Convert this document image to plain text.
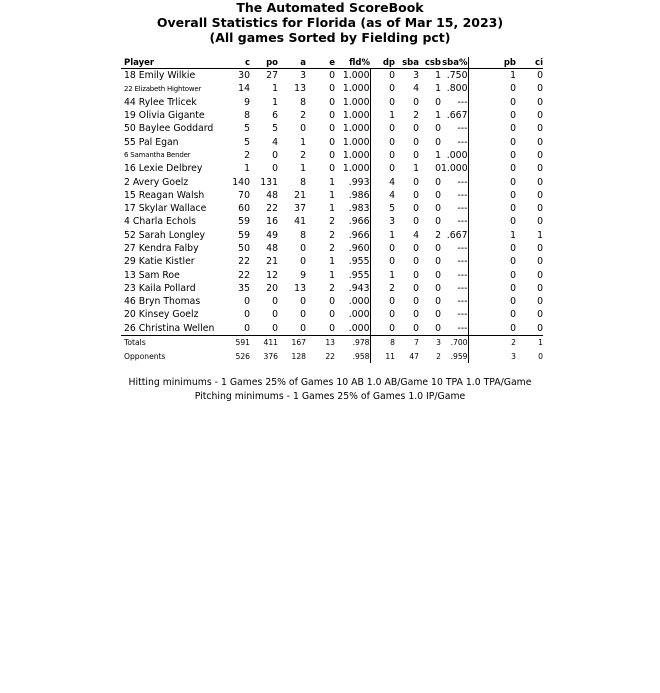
The Automated ScoreBook
Overall Statistics for Florida (as of Mar 15, 2023)
(All games Sorted by Fielding pct)
Player	c	po	a	e	fld%	dp	sba	csb	sba%		pb	ci
18 Emily Wilkie	30	27	3	0	1.000	0	3	1	.750		1	0
22 Elizabeth Hightower	14	1	13	0	1.000	0	4	1	.800		0	0
44 Rylee Trlicek	9	1	8	0	1.000	0	0	0	---		0	0
19 Olivia Gigante	8	6	2	0	1.000	1	2	1	.667		0	0
50 Baylee Goddard	5	5	0	0	1.000	0	0	0	---		0	0
55 Pal Egan	5	4	1	0	1.000	0	0	0	---		0	0
6 Samantha Bender	2	0	2	0	1.000	0	0	1	.000		0	0
16 Lexie Delbrey	1	0	1	0	1.000	0	1	0	1.000		0	0
2 Avery Goelz	140	131	8	1	.993	4	0	0	---		0	0
15 Reagan Walsh	70	48	21	1	.986	4	0	0	---		0	0
17 Skylar Wallace	60	22	37	1	.983	5	0	0	---		0	0
4 Charla Echols	59	16	41	2	.966	3	0	0	---		0	0
52 Sarah Longley	59	49	8	2	.966	1	4	2	.667		1	1
27 Kendra Falby	50	48	0	2	.960	0	0	0	---		0	0
29 Katie Kistler	22	21	0	1	.955	0	0	0	---		0	0
13 Sam Roe	22	12	9	1	.955	1	0	0	---		0	0
23 Kaila Pollard	35	20	13	2	.943	2	0	0	---		0	0
46 Bryn Thomas	0	0	0	0	.000	0	0	0	---		0	0
20 Kinsey Goelz	0	0	0	0	.000	0	0	0	---		0	0
26 Christina Wellen	0	0	0	0	.000	0	0	0	---		0	0
Totals	591	411	167	13	.978	8	7	3	.700		2	1
Opponents	526	376	128	22	.958	11	47	2	.959		3	0
Hitting minimums - 1 Games 25% of Games 10 AB 1.0 AB/Game 10 TPA 1.0 TPA/Game
Pitching minimums - 1 Games 25% of Games 1.0 IP/Game
